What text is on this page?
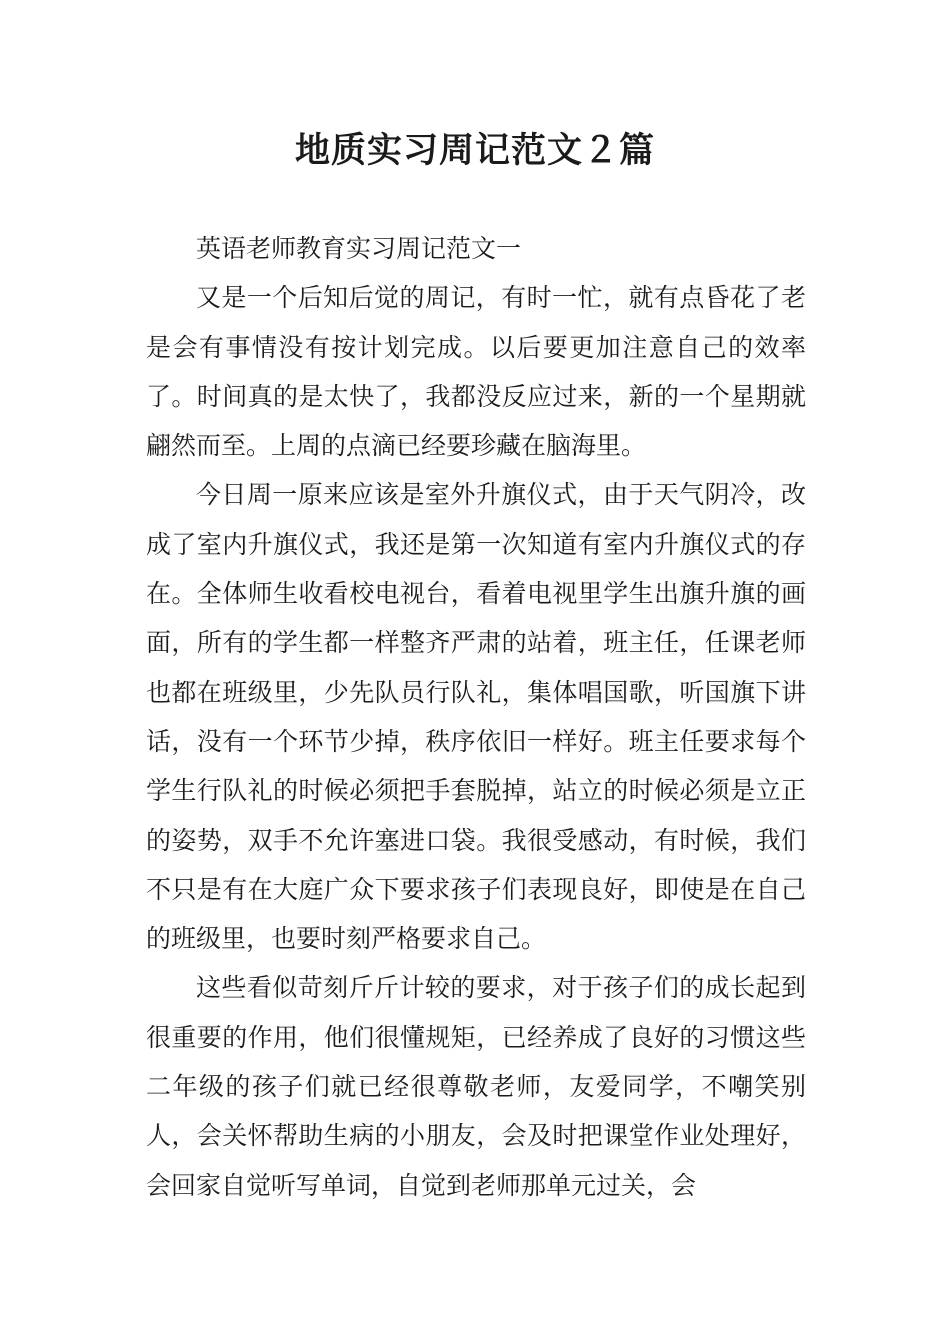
地质实习周记范文２篇

英语老师教育实习周记范文一

又是一个后知后觉的周记，有时一忙，就有点昏花了老是会有事情没有按计划完成。以后要更加注意自己的效率了。时间真的是太快了，我都没反应过来，新的一个星期就翩然而至。上周的点滴已经要珍藏在脑海里。

今日周一原来应该是室外升旗仪式，由于天气阴冷，改成了室内升旗仪式，我还是第一次知道有室内升旗仪式的存在。全体师生收看校电视台，看着电视里学生出旗升旗的画面，所有的学生都一样整齐严肃的站着，班主任，任课老师也都在班级里，少先队员行队礼，集体唱国歌，听国旗下讲话，没有一个环节少掉，秩序依旧一样好。班主任要求每个学生行队礼的时候必须把手套脱掉，站立的时候必须是立正的姿势，双手不允许塞进口袋。我很受感动，有时候，我们不只是有在大庭广众下要求孩子们表现良好，即使是在自己的班级里，也要时刻严格要求自己。

这些看似苛刻斤斤计较的要求，对于孩子们的成长起到很重要的作用，他们很懂规矩，已经养成了良好的习惯这些二年级的孩子们就已经很尊敬老师，友爱同学，不嘲笑别人，会关怀帮助生病的小朋友，会及时把课堂作业处理好，会回家自觉听写单词，自觉到老师那单元过关，会
